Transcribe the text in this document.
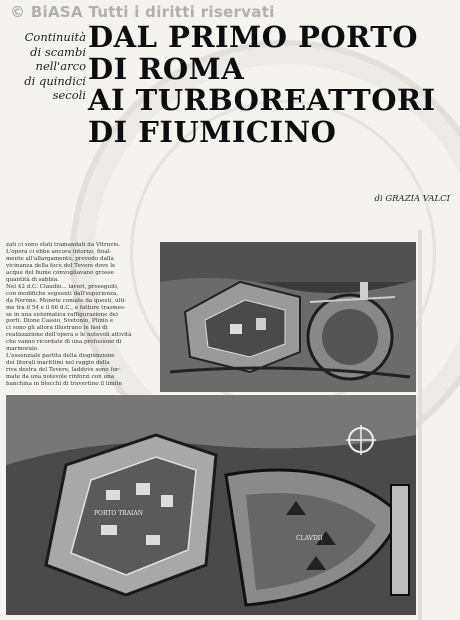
© BiASA Tutti i diritti riservati
Continuità
di scambi
nell'arco
di quindici
secoli
DAL PRIMO PORTO
DI ROMA
AI TURBOREATTORI
DI FIUMICINO
di GRAZIA VALCI
zati ci sono stati tramandati da Vitruvio.
L'opera ci ebbe ancora intorno, final-
mente all'allargamento, prevedo dalla
vicinanza della foce del Tevere dove le
acque del fiume convogliavano grosse
quantità di sabbia.
Nel 42 d.C. Claudio... lavori, proseguiti,
con modifiche seguenti dall'esperienza,
da Nerone. Monete coniate da questi, ulti-
me tra il 54 e il 66 d.C., e fatture trasmes-
se in una sistematica raffigurazione dei
porti. Dione Cassio, Svetonio, Plinio e
ci sono gli allora illustrano le fasi di
realizzazione dell'opera e le notevoli attività
che vanno ricordate di una profusione di
marmorale.
L'essenziale partita della disgiunzione
dei litorali marittimi nel raggio della
riva destra del Tevere, laddove sono for-
mate da una notevole rinforzi con una
banchina in blocchi di travertino il limite
PORTO TRAIAN
CLAVDII
